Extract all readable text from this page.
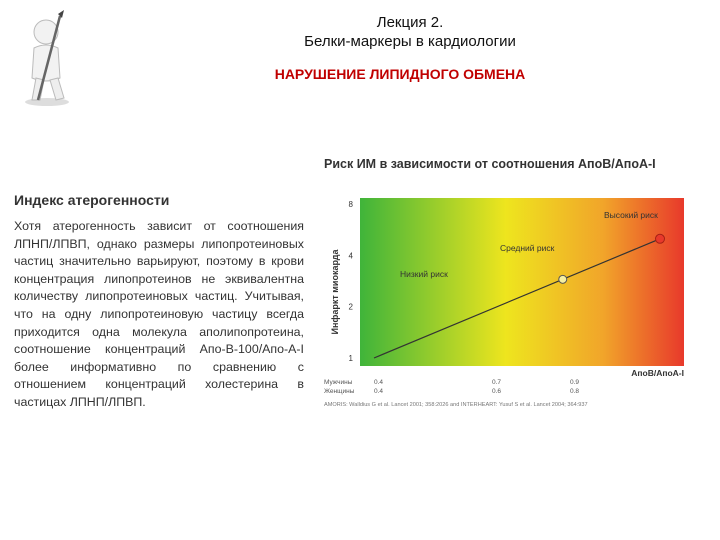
Лекция 2.
Белки-маркеры в кардиологии
НАРУШЕНИЕ ЛИПИДНОГО ОБМЕНА
Индекс атерогенности
Хотя атерогенность зависит от соотношения ЛПНП/ЛПВП, однако размеры липопротеиновых частиц значительно варьируют, поэтому в крови концентрация липопротеинов не эквивалентна количеству липопротеиновых частиц. Учитывая, что на одну липопротеиновую частицу всегда приходится одна молекула аполипопротеина, соотношение концентраций Апо-В-100/Апо-А-I более информативно по сравнению с отношением концентраций холестерина в частицах ЛПНП/ЛПВП.
Риск ИМ в зависимости от соотношения АпоB/АпоA-I
Инфаркт миокарда
1
2
4
8
Низкий риск
Средний риск
Высокий риск
АпоB/АпоA-I
Мужчины	0.4	0.7	0.9
Женщины	0.4	0.6	0.8
AMORIS: Walldius G et al. Lancet 2001; 358:2026 and INTERHEART: Yusuf S et al. Lancet 2004; 364:937
